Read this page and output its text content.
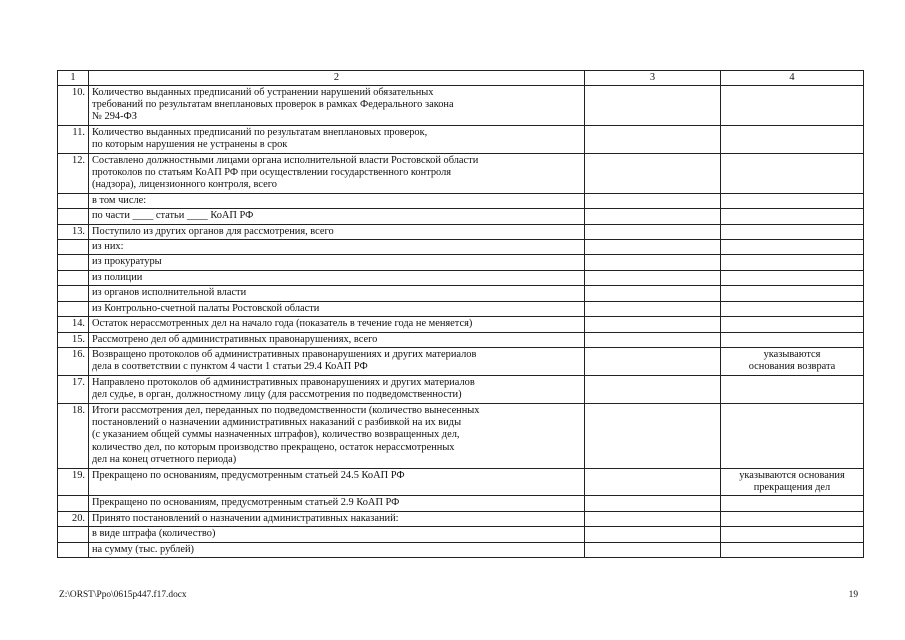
1	2	3	4
10.	Количество выданных предписаний об устранении нарушений обязательных
требований по результатам внеплановых проверок в рамках Федерального закона
№ 294-ФЗ		

11.	Количество выданных предписаний по результатам внеплановых проверок,
по которым нарушения не устранены в срок		

12.	Составлено должностными лицами органа исполнительной власти Ростовской области
протоколов по статьям КоАП РФ при осуществлении государственного контроля
(надзора), лицензионного контроля, всего		

	в том числе:		

	по части ____ статьи ____ КоАП РФ		

13.	Поступило из других органов для рассмотрения, всего		

	из них:		

	из прокуратуры		

	из полиции		

	из органов исполнительной власти		

	из Контрольно-счетной палаты Ростовской области		

14.	Остаток нерассмотренных дел на начало года (показатель в течение года не меняется)		

15.	Рассмотрено дел об административных правонарушениях, всего		

16.	Возвращено протоколов об административных правонарушениях и других материалов
дела в соответствии с пунктом 4 части 1 статьи 29.4 КоАП РФ		указываются
основания возврата

17.	Направлено протоколов об административных правонарушениях и других материалов
дел судье, в орган, должностному лицу (для рассмотрения по подведомственности)		

18.	Итоги рассмотрения дел, переданных по подведомственности (количество вынесенных
постановлений о назначении административных наказаний с разбивкой на их виды
(с указанием общей суммы назначенных штрафов), количество возвращенных дел,
количество дел, по которым производство прекращено, остаток нерассмотренных
дел на конец отчетного периода)		

19.	Прекращено по основаниям, предусмотренным статьей 24.5 КоАП РФ		указываются основания
прекращения дел

	Прекращено по основаниям, предусмотренным статьей 2.9 КоАП РФ		

20.	Принято постановлений о назначении административных наказаний:		

	в виде штрафа (количество)		

	на сумму (тыс. рублей)		

Z:\ORST\Ppo\0615p447.f17.docx	19
